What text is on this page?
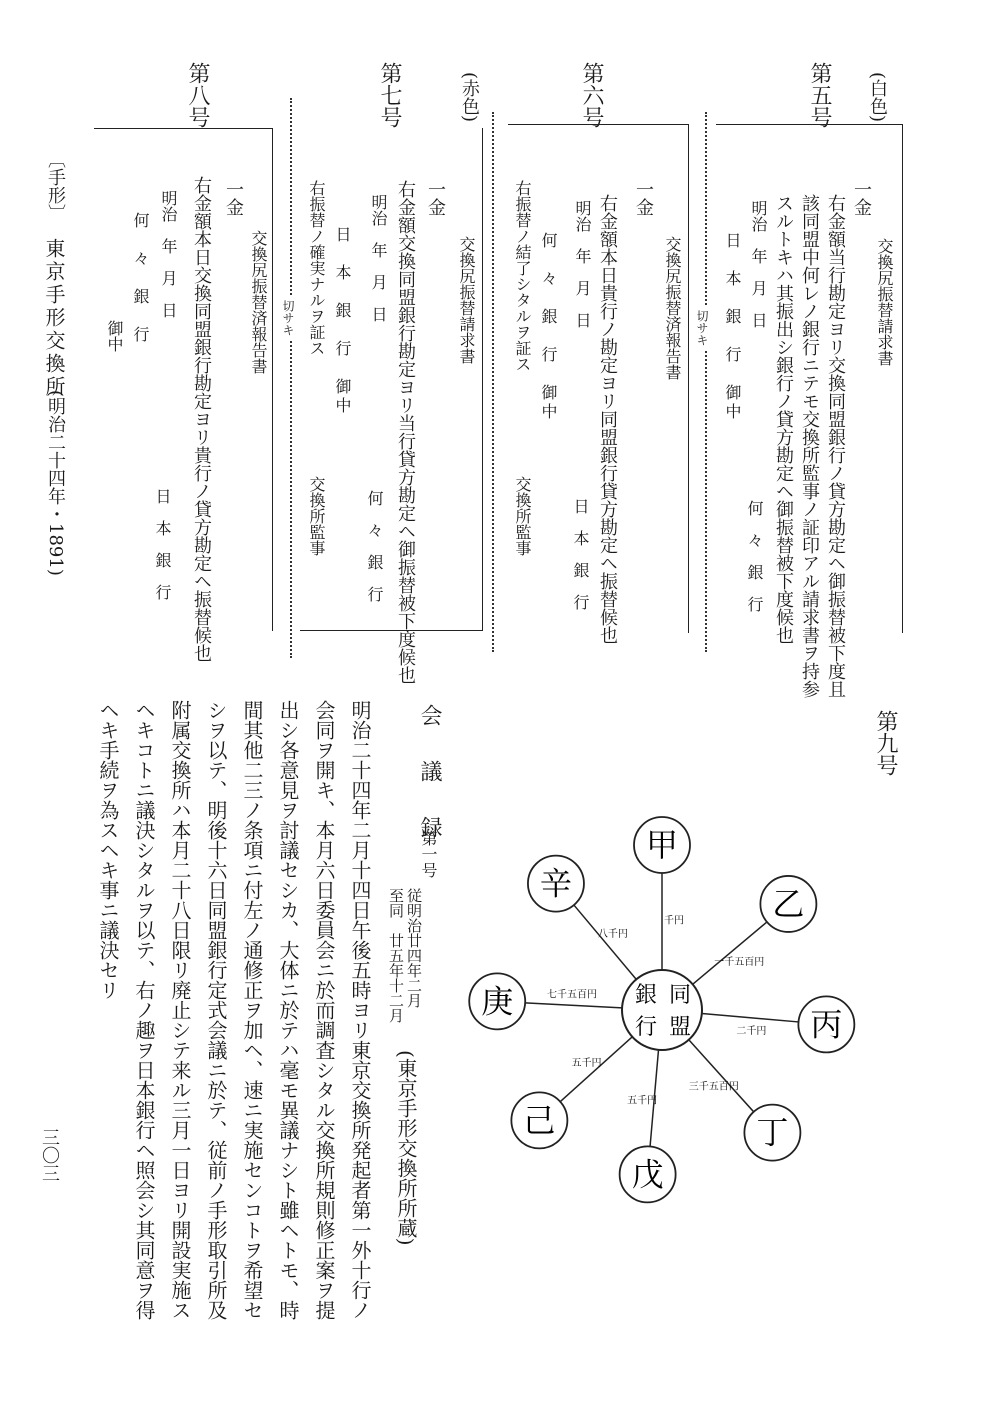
(白色)
第五号
交換尻振替請求書
一金
右金額当行勘定ヨリ交換同盟銀行ノ貸方勘定ヘ御振替被下度且
該同盟中何レノ銀行ニテモ交換所監事ノ証印アル請求書ヲ持参
スルトキハ其振出シ銀行ノ貸方勘定ヘ御振替被下度候也
明治　年　月　日
何　々　銀　行
日　本　銀　行　御中
切サキ
(赤色)	第六号
交換尻振替済報告書
一金
右金額本日貴行ノ勘定ヨリ同盟銀行貸方勘定ヘ振替候也
明治　年　月　日
日　本　銀　行
何　々　銀　行　御中
右振替ノ結了シタルヲ証ス
交換所監事
第七号
交換尻振替請求書
一金
右金額交換同盟銀行勘定ヨリ当行貸方勘定ヘ御振替被下度候也
明治　年　月　日
何　々　銀　行
日　本　銀　行　御中
右振替ノ確実ナルヲ証ス
交換所監事
切サキ
第八号
交換尻振替済報告書
一金
右金額本日交換同盟銀行勘定ヨリ貴行ノ貸方勘定ヘ振替候也
明治　年　月　日
日　本　銀　行
何　々　銀　行
御中
〔手形〕
東京手形交換所
(明治二十四年・1891)
第九号
千円
一千五百円
二千円
三千五百円
五千円
五千円
七千五百円
八千円
同
盟
銀
行
甲
乙
丙
丁
戊
己
庚
辛
会　議　録
第一号
従明治廿四年二月
至同　廿五年十二月
(東京手形交換所所蔵)
明治二十四年二月十四日午後五時ヨリ東京交換所発起者第一外十行ノ
会同ヲ開キ、本月六日委員会ニ於而調査シタル交換所規則修正案ヲ提
出シ各意見ヲ討議セシカ、大体ニ於テハ毫モ異議ナシト雖ヘトモ、時
間其他二三ノ条項ニ付左ノ通修正ヲ加ヘ、速ニ実施センコトヲ希望セ
シヲ以テ、明後十六日同盟銀行定式会議ニ於テ、従前ノ手形取引所及
附属交換所ハ本月二十八日限リ廃止シテ来ル三月一日ヨリ開設実施ス
ヘキコトニ議決シタルヲ以テ、右ノ趣ヲ日本銀行ヘ照会シ其同意ヲ得
ヘキ手続ヲ為スヘキ事ニ議決セリ
三〇三
